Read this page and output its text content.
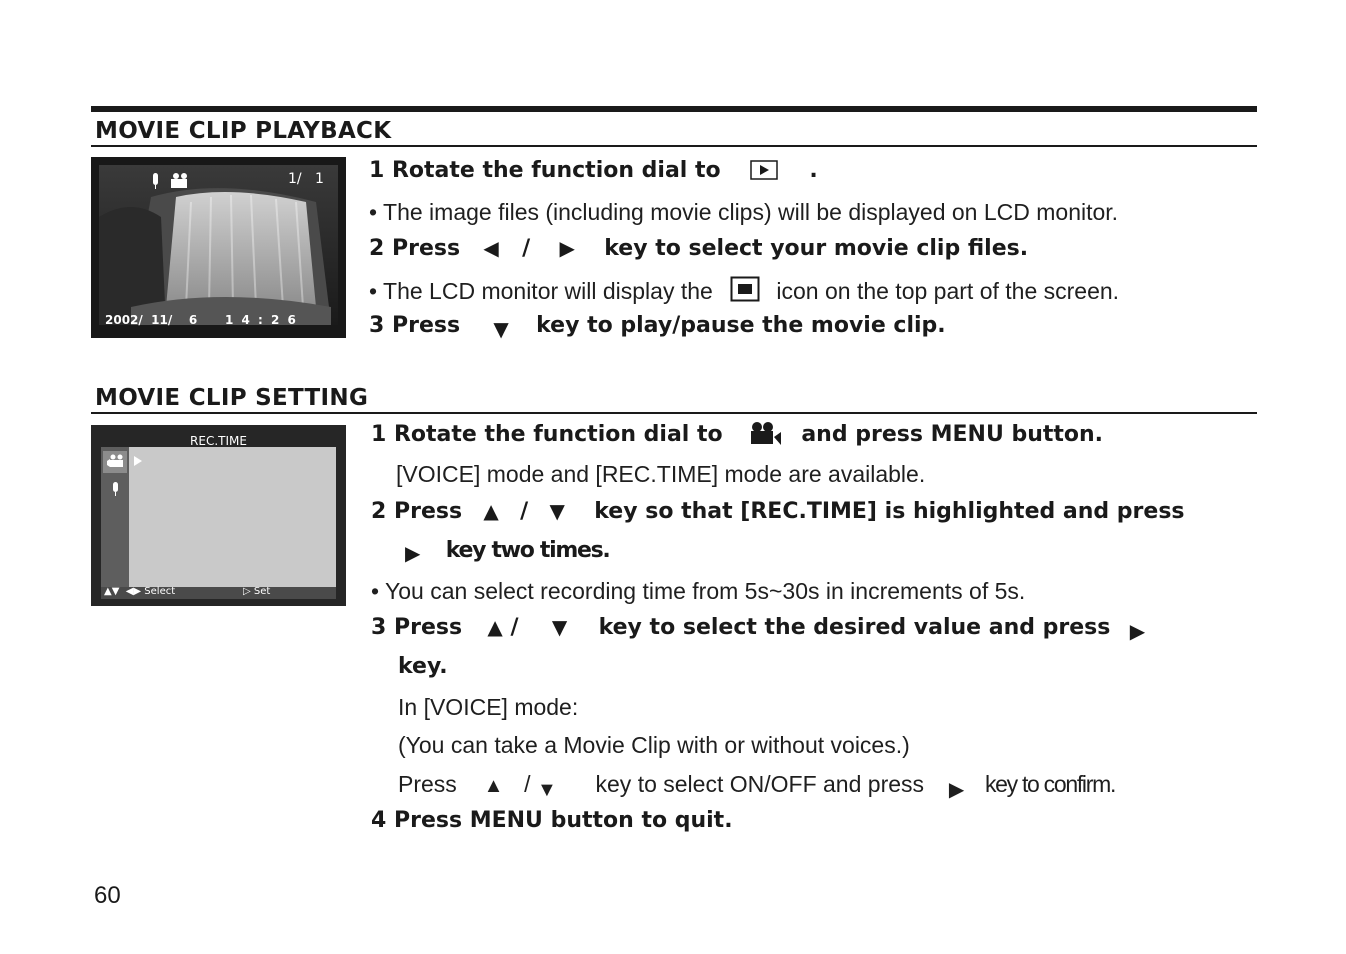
MOVIE CLIP PLAYBACK
1/   1
2002/  11/    6 1 4 : 2 6
1 Rotate the function dial to	.
• The image files (including movie clips) will be displayed on LCD monitor.
2 Press ◀ / ▶ key to select your movie clip files.
• The LCD monitor will display the	icon on the top part of the screen.
3 Press ▼ key to play/pause the movie clip.
MOVIE CLIP SETTING
REC.TIME
▲▼  ◀▶ Select	▷ Set
1 Rotate the function dial to	and press MENU button.
[VOICE] mode and [REC.TIME] mode are available.
2 Press ▲ / ▼ key so that [REC.TIME] is highlighted and press
▶ key two times.
• You can select recording time from 5s~30s in increments of 5s.
3 Press ▲ / ▼ key to select the desired value and press ▶
key.
In [VOICE] mode:
(You can take a Movie Clip with or without voices.)
Press ▲ / ▼ key to select ON/OFF and press ▶ key to confirm.
4 Press MENU button to quit.
60
